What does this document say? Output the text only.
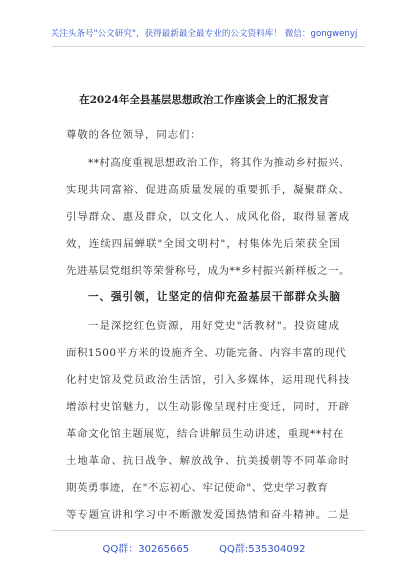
关注头条号"公文研究"，获得最新最全最专业的公文资料库！ 微信：gongwenyj
在2024年全县基层思想政治工作座谈会上的汇报发言
尊敬的各位领导，同志们：
**村高度重视思想政治工作，将其作为推动乡村振兴、
实现共同富裕、促进高质量发展的重要抓手，凝聚群众、
引导群众、惠及群众，以文化人、成风化俗，取得显著成
效，连续四届蝉联"全国文明村"，村集体先后荣获全国
先进基层党组织等荣誉称号，成为**乡村振兴新样板之一。
一、强引领，让坚定的信仰充盈基层干部群众头脑
一是深挖红色资源，用好党史"活教材"。投资建成
面积1500平方米的设施齐全、功能完备、内容丰富的现代
化村史馆及党员政治生活馆，引入多媒体，运用现代科技
增添村史馆魅力，以生动影像呈现村庄变迁，同时，开辟
革命文化馆主题展览，结合讲解员生动讲述，重现**村在
土地革命、抗日战争、解放战争、抗美援朝等不同革命时
期英勇事迹，在"不忘初心、牢记使命"、党史学习教育
等专题宣讲和学习中不断激发爱国热情和奋斗精神。二是
QQ群：30265665	QQ群:535304092
